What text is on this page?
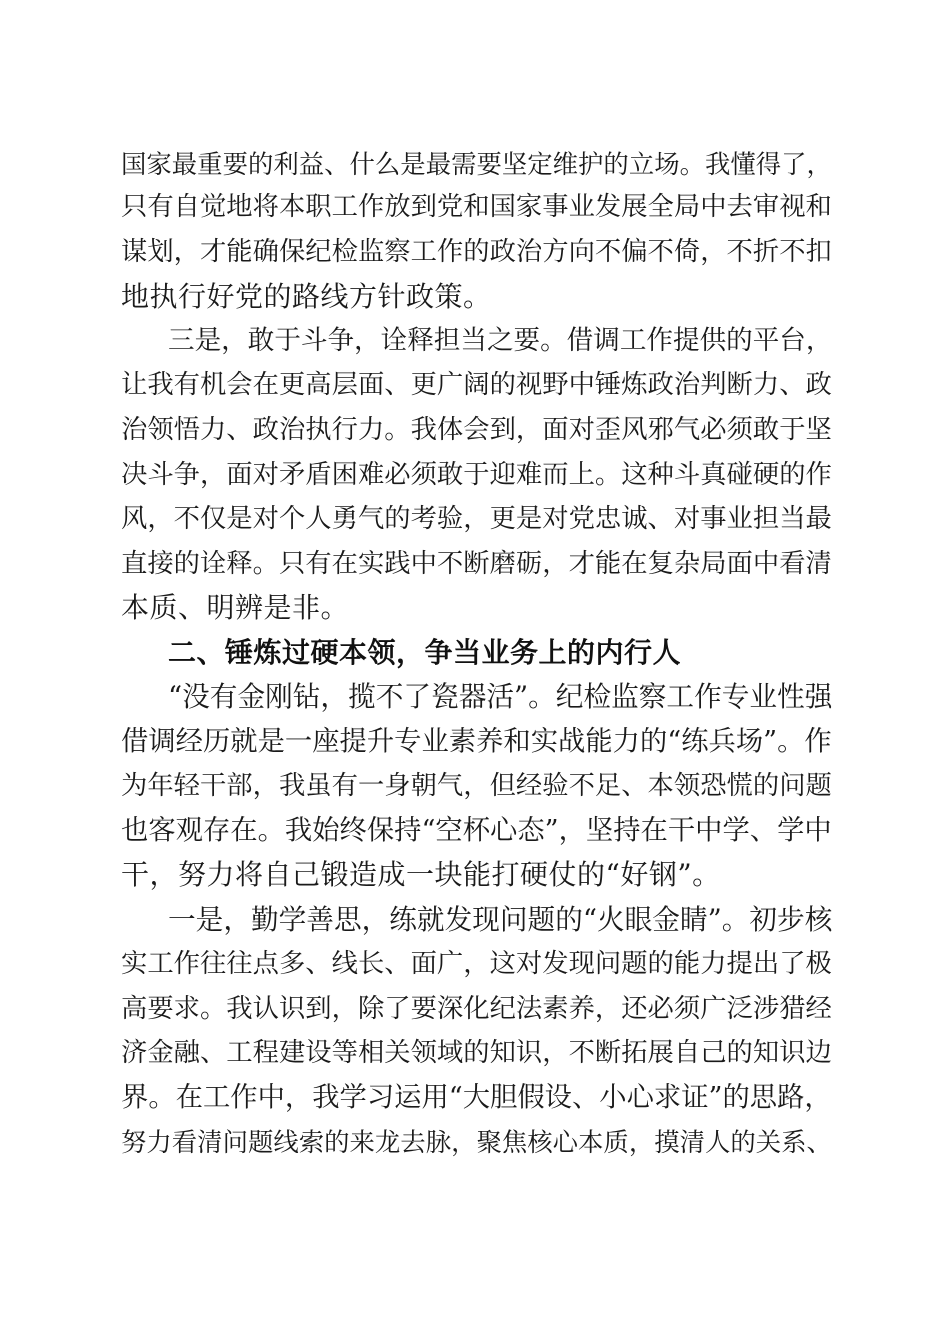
国家最重要的利益、什么是最需要坚定维护的立场。我懂得了，
只有自觉地将本职工作放到党和国家事业发展全局中去审视和
谋划，才能确保纪检监察工作的政治方向不偏不倚，不折不扣
地执行好党的路线方针政策。
三是，敢于斗争，诠释担当之要。借调工作提供的平台，
让我有机会在更高层面、更广阔的视野中锤炼政治判断力、政
治领悟力、政治执行力。我体会到，面对歪风邪气必须敢于坚
决斗争，面对矛盾困难必须敢于迎难而上。这种斗真碰硬的作
风，不仅是对个人勇气的考验，更是对党忠诚、对事业担当最
直接的诠释。只有在实践中不断磨砺，才能在复杂局面中看清
本质、明辨是非。
二、锤炼过硬本领，争当业务上的内行人
“没有金刚钻，揽不了瓷器活”。纪检监察工作专业性强
借调经历就是一座提升专业素养和实战能力的“练兵场”。作
为年轻干部，我虽有一身朝气，但经验不足、本领恐慌的问题
也客观存在。我始终保持“空杯心态”，坚持在干中学、学中
干，努力将自己锻造成一块能打硬仗的“好钢”。
一是，勤学善思，练就发现问题的“火眼金睛”。初步核
实工作往往点多、线长、面广，这对发现问题的能力提出了极
高要求。我认识到，除了要深化纪法素养，还必须广泛涉猎经
济金融、工程建设等相关领域的知识，不断拓展自己的知识边
界。在工作中，我学习运用“大胆假设、小心求证”的思路，
努力看清问题线索的来龙去脉，聚焦核心本质，摸清人的关系、
